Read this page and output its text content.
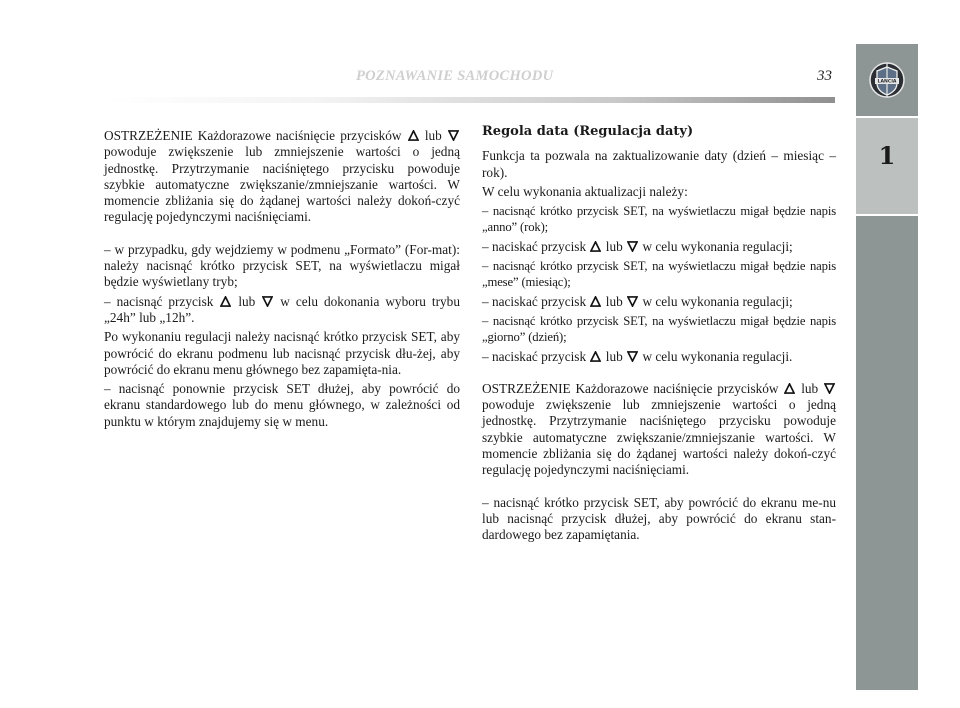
POZNAWANIE SAMOCHODU	33	LANCIA
1

OSTRZEŻENIE Każdorazowe naciśnięcie przycisków lub  powoduje zwiększenie lub zmniejszenie wartości o jedną jednostkę. Przytrzymanie naciśniętego przycisku powoduje szybkie automatyczne zwiększanie/zmniejszanie wartości. W momencie zbliżania się do żądanej wartości należy dokoń-czyć regulację pojedynczymi naciśnięciami.

– w przypadku, gdy wejdziemy w podmenu „Formato” (For-mat): należy nacisnąć krótko przycisk SET, na wyświetlaczu migał będzie wyświetlany tryb;

– nacisnąć przycisk lub w celu dokonania wyboru trybu „24h” lub „12h”.

Po wykonaniu regulacji należy nacisnąć krótko przycisk SET, aby powrócić do ekranu podmenu lub nacisnąć przycisk dłu-żej, aby powrócić do ekranu menu głównego bez zapamięta-nia.

– nacisnąć ponownie przycisk SET dłużej, aby powrócić do ekranu standardowego lub do menu głównego, w zależności od punktu w którym znajdujemy się w menu.

Regola data (Regulacja daty)

Funkcja ta pozwala na zaktualizowanie daty (dzień – miesiąc – rok).

W celu wykonania aktualizacji należy:

– nacisnąć krótko przycisk SET, na wyświetlaczu migał będzie napis „anno” (rok);

– naciskać przycisk lub w celu wykonania regulacji;

– nacisnąć krótko przycisk SET, na wyświetlaczu migał będzie napis „mese” (miesiąc);

– naciskać przycisk lub w celu wykonania regulacji;

– nacisnąć krótko przycisk SET, na wyświetlaczu migał będzie napis „giorno” (dzień);

– naciskać przycisk lub w celu wykonania regulacji.

OSTRZEŻENIE Każdorazowe naciśnięcie przycisków lub  powoduje zwiększenie lub zmniejszenie wartości o jedną jednostkę. Przytrzymanie naciśniętego przycisku powoduje szybkie automatyczne zwiększanie/zmniejszanie wartości. W momencie zbliżania się do żądanej wartości należy dokoń-czyć regulację pojedynczymi naciśnięciami.

– nacisnąć krótko przycisk SET, aby powrócić do ekranu me-nu lub nacisnąć przycisk dłużej, aby powrócić do ekranu stan-dardowego bez zapamiętania.
